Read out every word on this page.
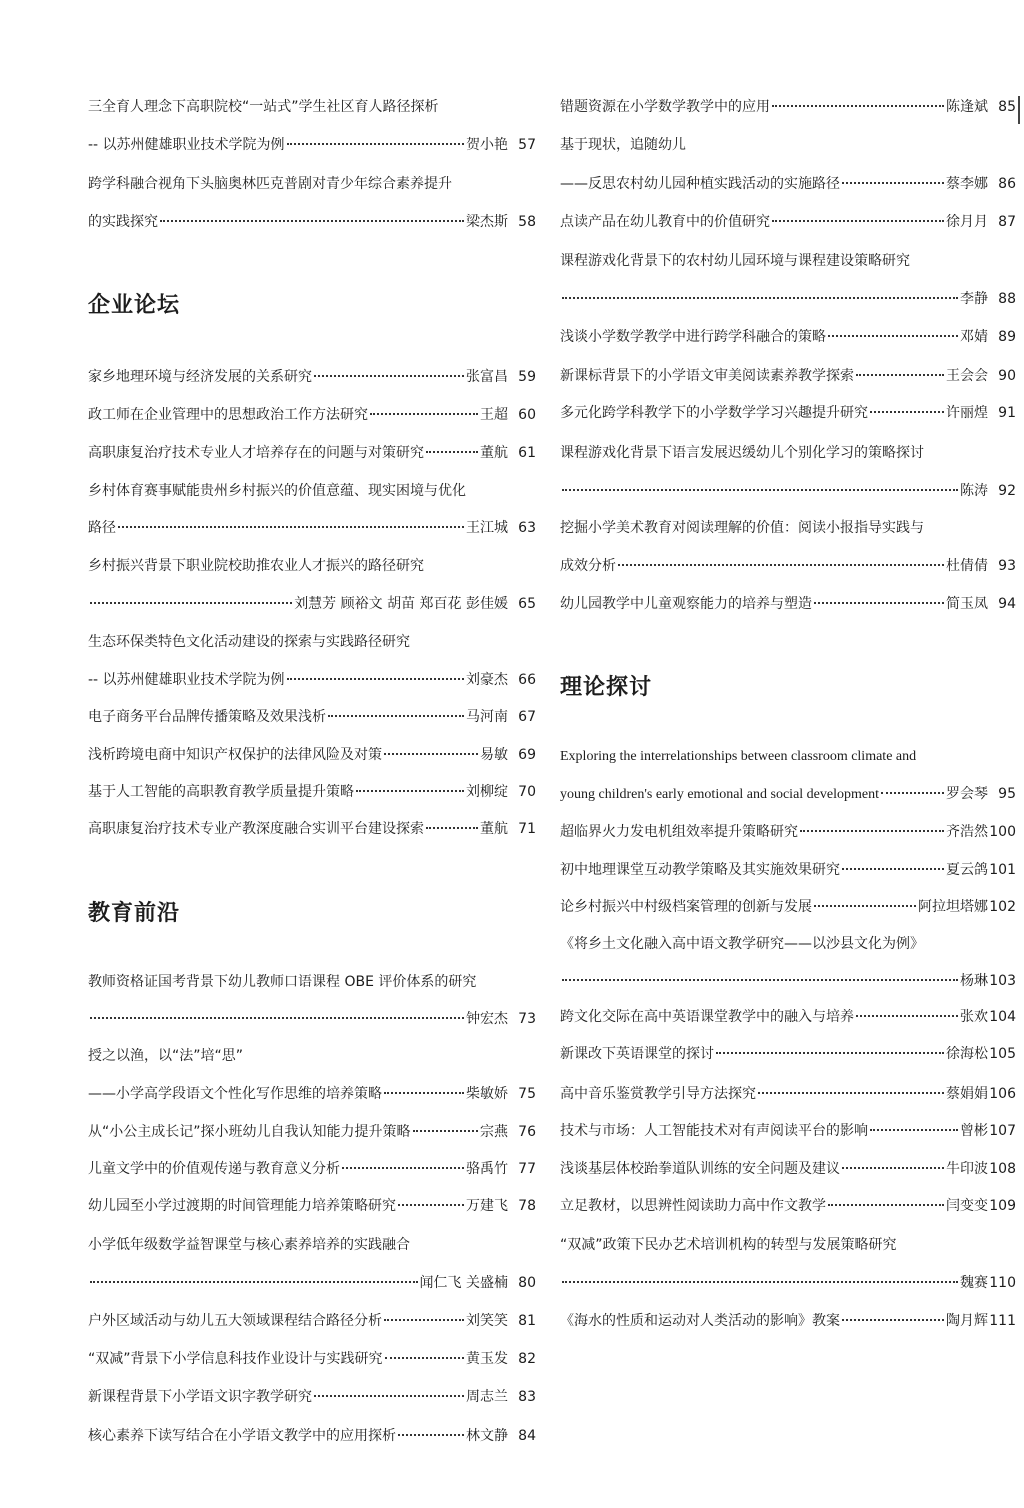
三全育人理念下高职院校“一站式”学生社区育人路径探析
-- 以苏州健雄职业技术学院为例	贺小艳 57
跨学科融合视角下头脑奥林匹克普剧对青少年综合素养提升
的实践探究	梁杰斯 58
家乡地理环境与经济发展的关系研究	张富昌 59
政工师在企业管理中的思想政治工作方法研究	王超 60
高职康复治疗技术专业人才培养存在的问题与对策研究	董航 61
乡村体育赛事赋能贵州乡村振兴的价值意蕴、现实困境与优化
路径	王江城 63
乡村振兴背景下职业院校助推农业人才振兴的路径研究
刘慧芳 顾裕文 胡苗 郑百花 彭佳媛 65
生态环保类特色文化活动建设的探索与实践路径研究
-- 以苏州健雄职业技术学院为例	刘豪杰 66
电子商务平台品牌传播策略及效果浅析	马河南 67
浅析跨境电商中知识产权保护的法律风险及对策	易敏 69
基于人工智能的高职教育教学质量提升策略	刘柳绽 70
高职康复治疗技术专业产教深度融合实训平台建设探索	董航 71
教师资格证国考背景下幼儿教师口语课程 OBE 评价体系的研究
钟宏杰 73
授之以渔，以“法”培“思”
——小学高学段语文个性化写作思维的培养策略	柴敏娇 75
从“小公主成长记”探小班幼儿自我认知能力提升策略	宗燕 76
儿童文学中的价值观传递与教育意义分析	骆禹竹 77
幼儿园至小学过渡期的时间管理能力培养策略研究	万建飞 78
小学低年级数学益智课堂与核心素养培养的实践融合
闻仁飞 关盛楠 80
户外区域活动与幼儿五大领域课程结合路径分析	刘笑笑 81
“双减”背景下小学信息科技作业设计与实践研究	黄玉发 82
新课程背景下小学语文识字教学研究	周志兰 83
核心素养下读写结合在小学语文教学中的应用探析	林文静 84
企业论坛
教育前沿
错题资源在小学数学教学中的应用	陈逢斌 85
基于现状，追随幼儿
——反思农村幼儿园种植实践活动的实施路径	蔡李娜 86
点读产品在幼儿教育中的价值研究	徐月月 87
课程游戏化背景下的农村幼儿园环境与课程建设策略研究
李静 88
浅谈小学数学教学中进行跨学科融合的策略	邓婧 89
新课标背景下的小学语文审美阅读素养教学探索	王会会 90
多元化跨学科教学下的小学数学学习兴趣提升研究	许丽煌 91
课程游戏化背景下语言发展迟缓幼儿个别化学习的策略探讨
陈涛 92
挖掘小学美术教育对阅读理解的价值：阅读小报指导实践与
成效分析	杜倩倩 93
幼儿园教学中儿童观察能力的培养与塑造	简玉凤 94
Exploring the interrelationships between classroom climate and
young children's early emotional and social development	罗会琴 95
超临界火力发电机组效率提升策略研究	齐浩然 100
初中地理课堂互动教学策略及其实施效果研究	夏云鸽 101
论乡村振兴中村级档案管理的创新与发展	阿拉坦塔娜 102
《将乡土文化融入高中语文教学研究——以沙县文化为例》
杨琳 103
跨文化交际在高中英语课堂教学中的融入与培养	张欢 104
新课改下英语课堂的探讨	徐海松 105
高中音乐鉴赏教学引导方法探究	蔡娟娟 106
技术与市场：人工智能技术对有声阅读平台的影响	曾彬 107
浅谈基层体校跆拳道队训练的安全问题及建议	牛印波 108
立足教材，以思辨性阅读助力高中作文教学	闫变变 109
“双减”政策下民办艺术培训机构的转型与发展策略研究
魏赛 110
《海水的性质和运动对人类活动的影响》教案	陶月辉 111
理论探讨
